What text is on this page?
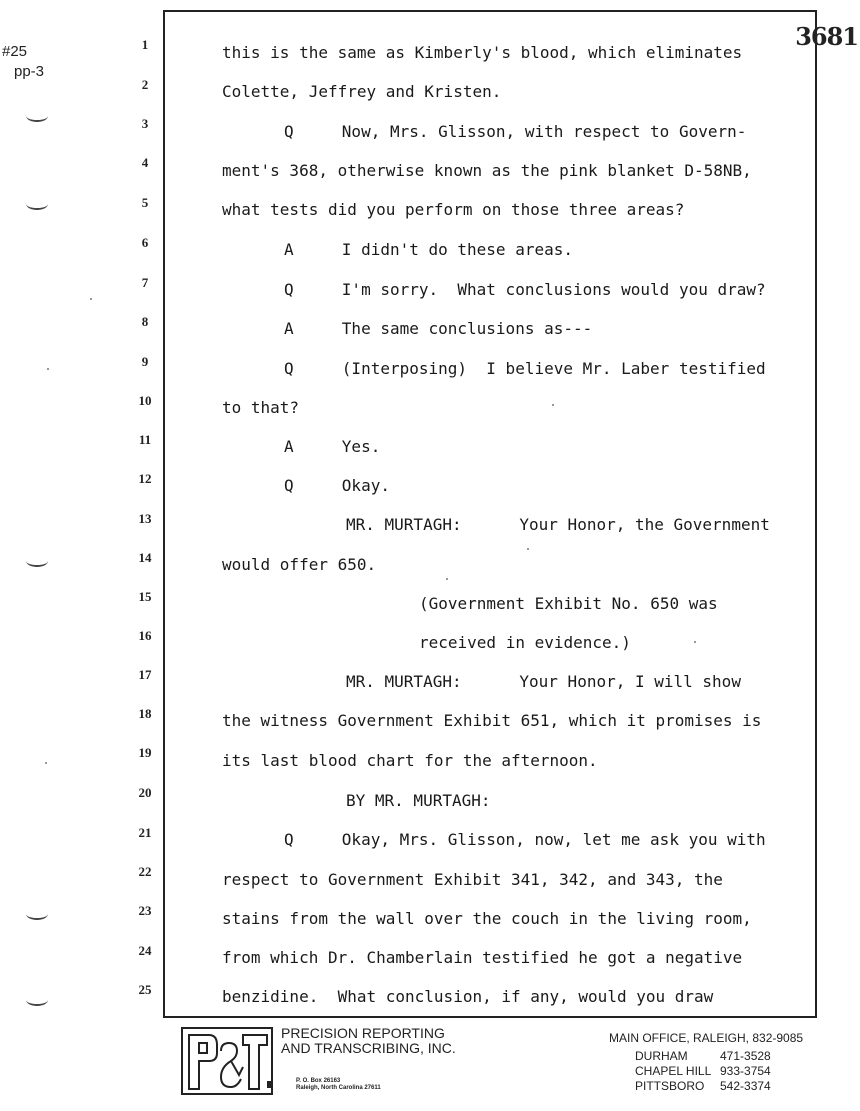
#25
pp-3
3681
1	this is the same as Kimberly's blood, which eliminates
2	Colette, Jeffrey and Kristen.
3	Q     Now, Mrs. Glisson, with respect to Govern-
4	ment's 368, otherwise known as the pink blanket D-58NB,
5	what tests did you perform on those three areas?
6	A     I didn't do these areas.
7	Q     I'm sorry.  What conclusions would you draw?
8	A     The same conclusions as---
9	Q     (Interposing)  I believe Mr. Laber testified
10	to that?
11	A     Yes.
12	Q     Okay.
13	MR. MURTAGH:      Your Honor, the Government
14	would offer 650.
15	(Government Exhibit No. 650 was
16	received in evidence.)
17	MR. MURTAGH:      Your Honor, I will show
18	the witness Government Exhibit 651, which it promises is
19	its last blood chart for the afternoon.
20	BY MR. MURTAGH:
21	Q     Okay, Mrs. Glisson, now, let me ask you with
22	respect to Government Exhibit 341, 342, and 343, the
23	stains from the wall over the couch in the living room,
24	from which Dr. Chamberlain testified he got a negative
25	benzidine.  What conclusion, if any, would you draw
PRECISION REPORTING
AND TRANSCRIBING, INC.
P. O. Box 26163
Raleigh, North Carolina 27611
MAIN OFFICE, RALEIGH, 832-9085
DURHAM	471-3528
CHAPEL HILL 933-3754
PITTSBORO 542-3374
